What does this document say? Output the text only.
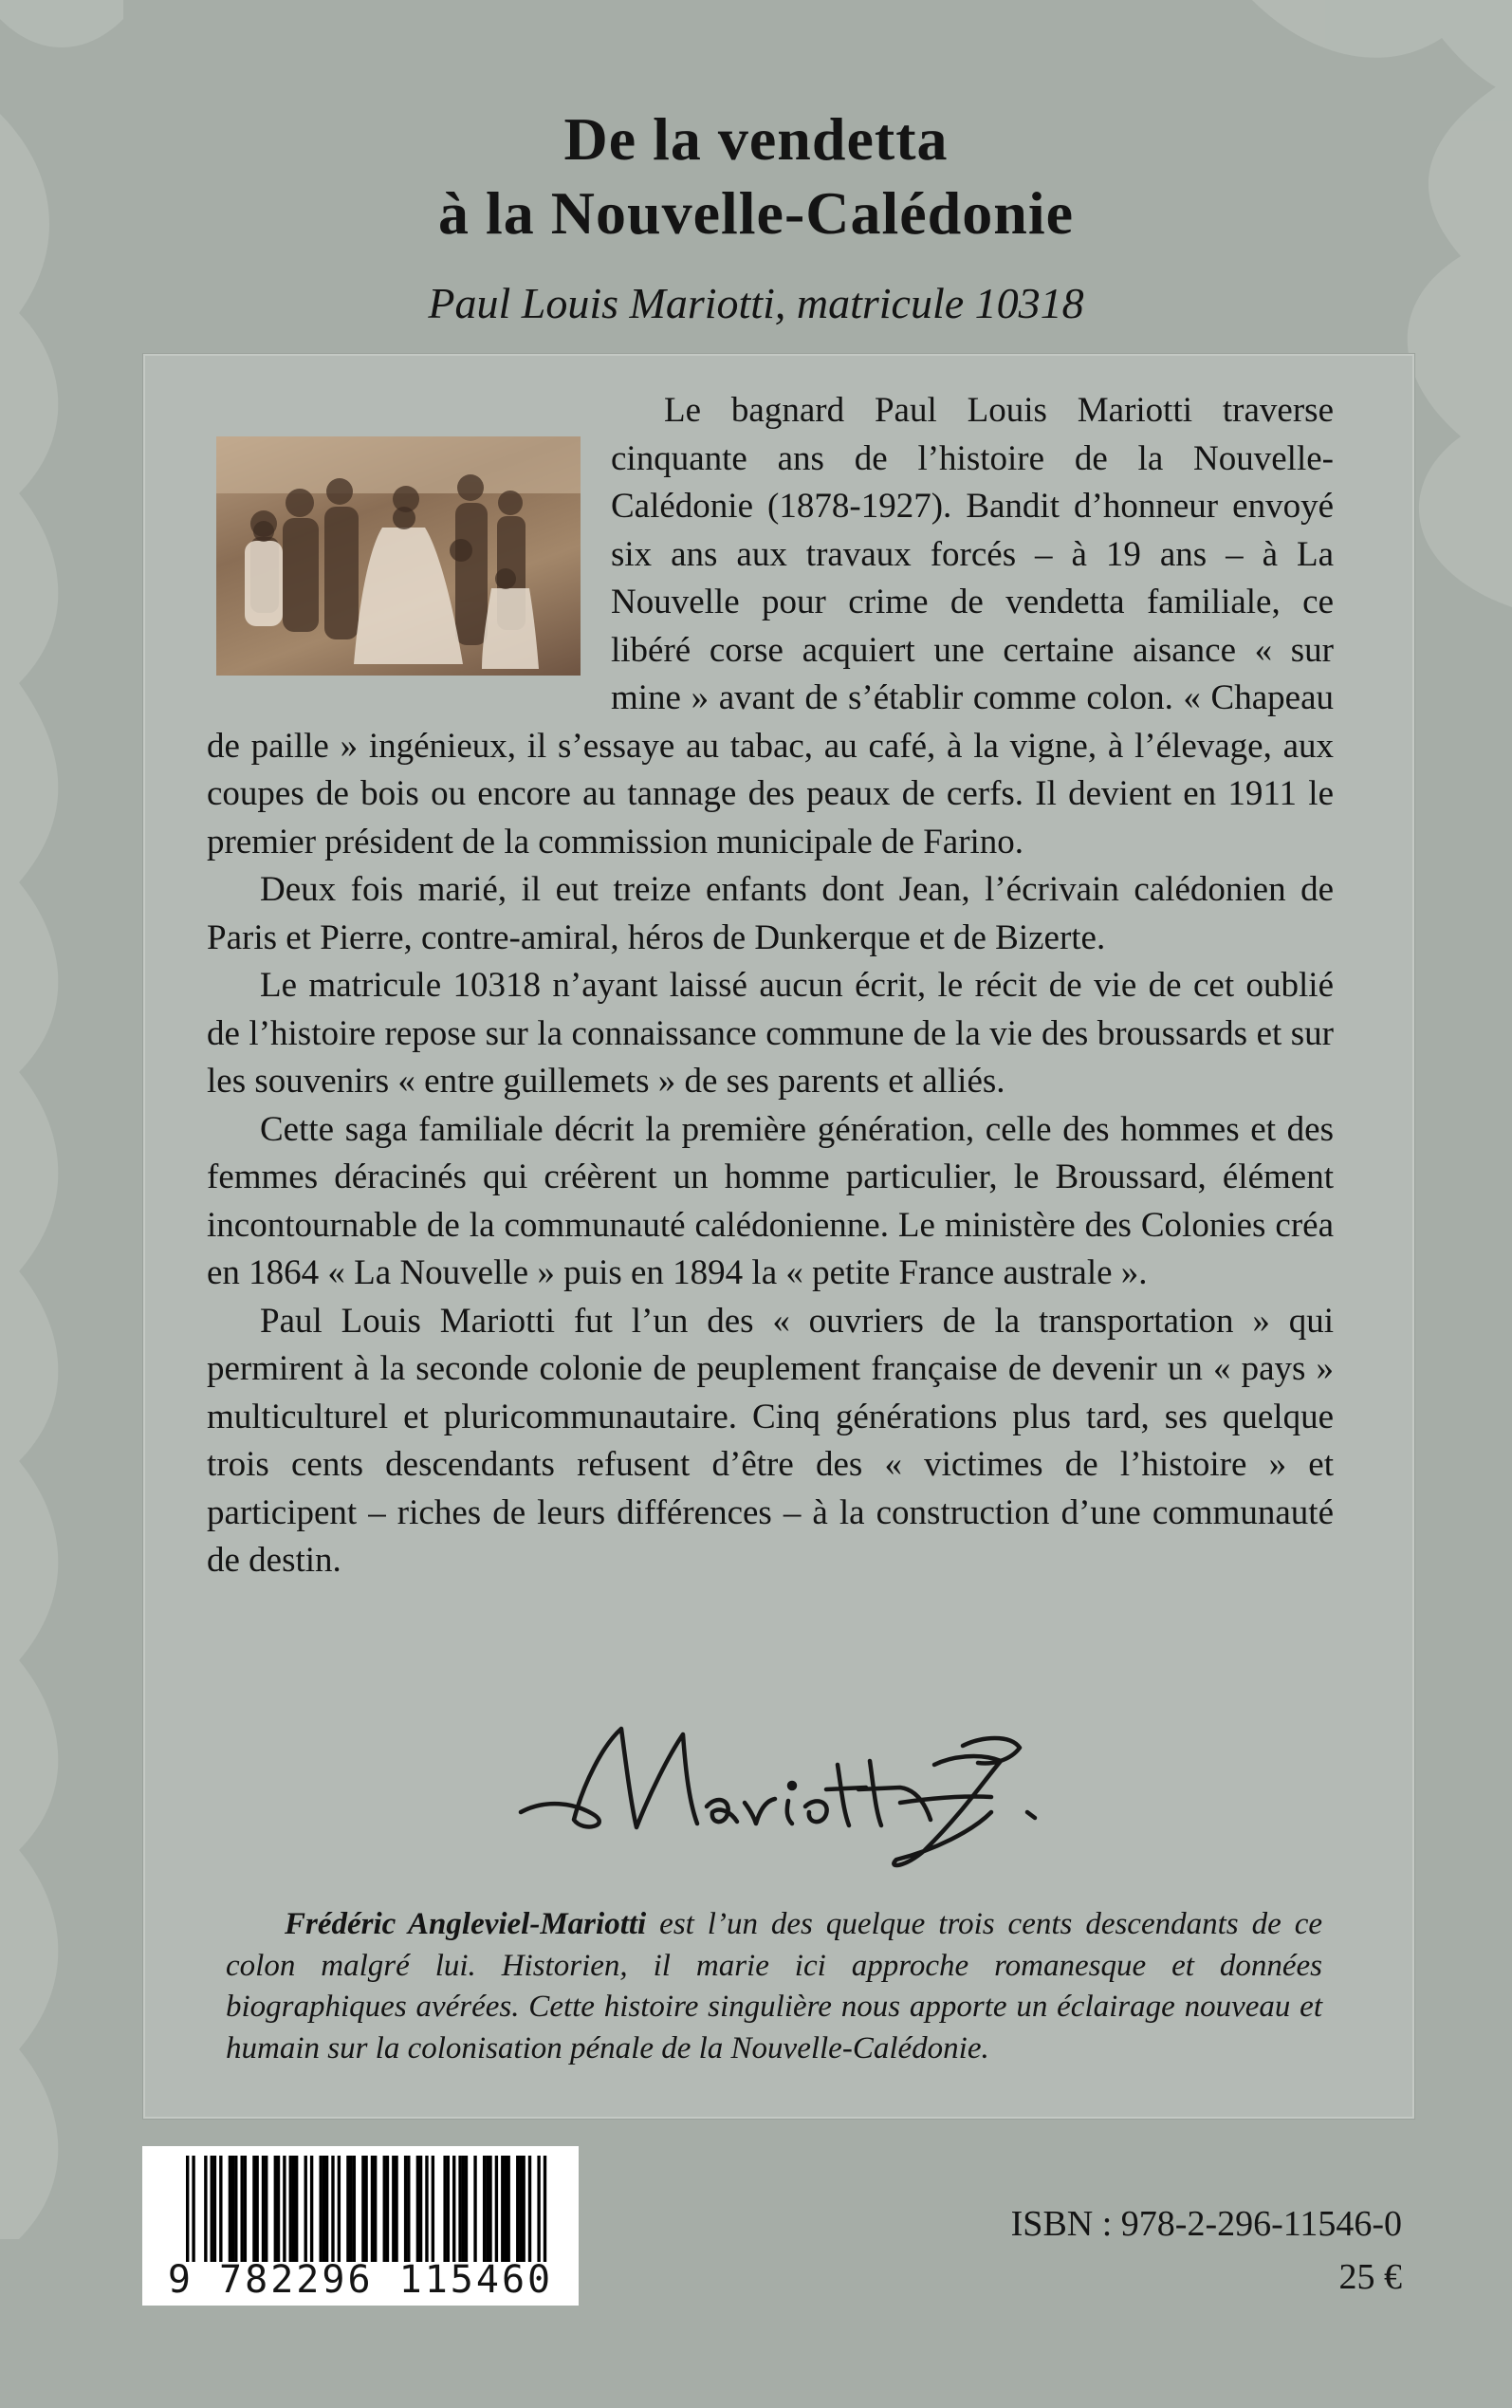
De la vendetta
à la Nouvelle-Calédonie
Paul Louis Mariotti, matricule 10318

Le bagnard Paul Louis Mariotti traverse cinquante ans de l’histoire de la Nouvelle-Calédonie (1878-1927). Bandit d’honneur envoyé six ans aux travaux forcés – à 19 ans – à La Nouvelle pour crime de vendetta familiale, ce libéré corse acquiert une certaine aisance « sur mine » avant de s’établir comme colon. « Chapeau de paille » ingénieux, il s’essaye au tabac, au café, à la vigne, à l’élevage, aux coupes de bois ou encore au tannage des peaux de cerfs. Il devient en 1911 le premier président de la commission municipale de Farino.

Deux fois marié, il eut treize enfants dont Jean, l’écrivain calédonien de Paris et Pierre, contre-amiral, héros de Dunkerque et de Bizerte.

Le matricule 10318 n’ayant laissé aucun écrit, le récit de vie de cet oublié de l’histoire repose sur la connaissance commune de la vie des broussards et sur les souvenirs « entre guillemets » de ses parents et alliés.

Cette saga familiale décrit la première génération, celle des hommes et des femmes déracinés qui créèrent un homme particulier, le Broussard, élément incontournable de la communauté calédonienne. Le ministère des Colonies créa en 1864 « La Nouvelle » puis en 1894 la « petite France australe ».

Paul Louis Mariotti fut l’un des « ouvriers de la transportation » qui permirent à la seconde colonie de peuplement française de devenir un « pays » multiculturel et pluricommunautaire. Cinq générations plus tard, ses quelque trois cents descendants refusent d’être des « victimes de l’histoire » et participent – riches de leurs différences – à la construction d’une communauté de destin.

Frédéric Angleviel-Mariotti est l’un des quelque trois cents descendants de ce colon malgré lui. Historien, il marie ici approche romanesque et données biographiques avérées. Cette histoire singulière nous apporte un éclairage nouveau et humain sur la colonisation pénale de la Nouvelle-Calédonie.

9 782296 115460
ISBN : 978-2-296-11546-0
25 €
